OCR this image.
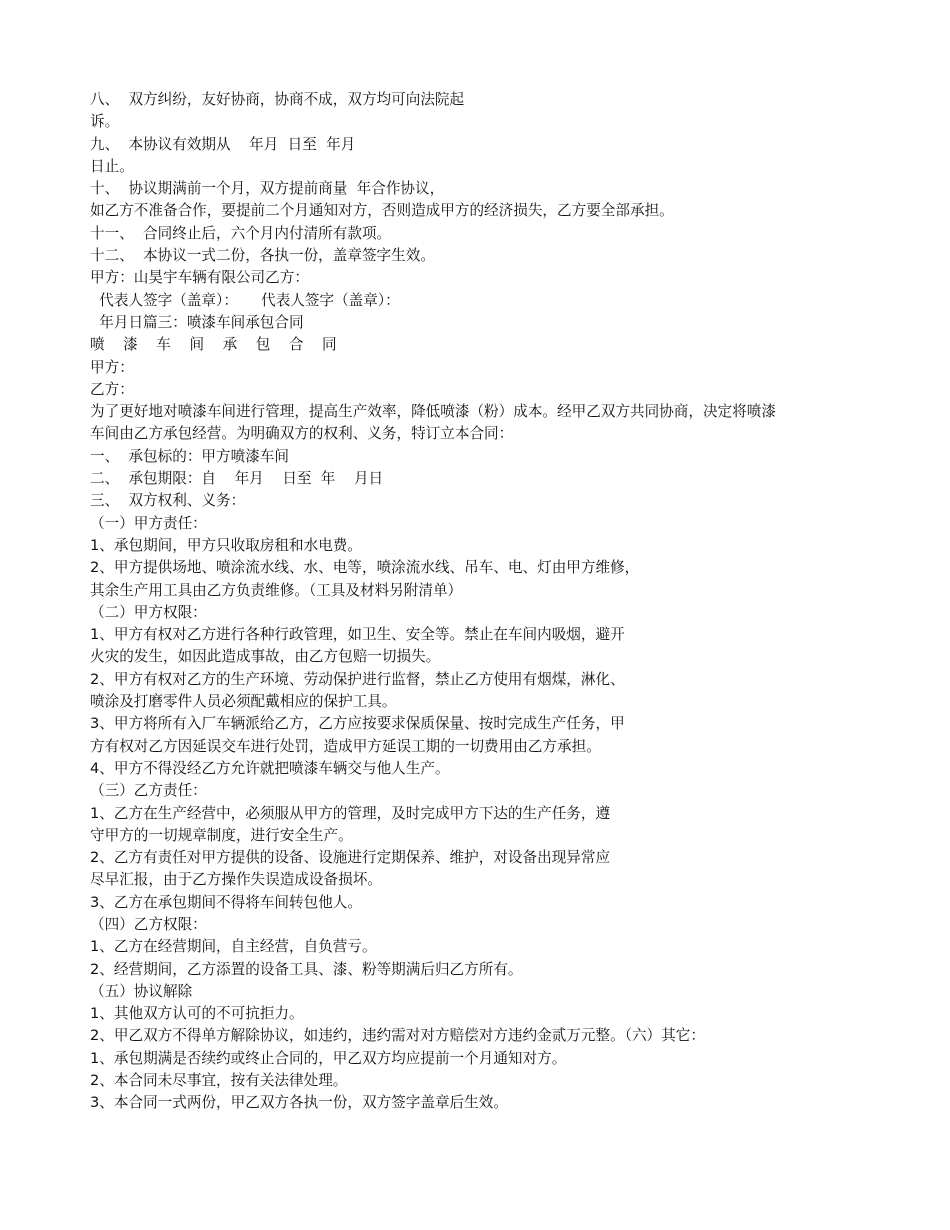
八、  双方纠纷，友好协商，协商不成，双方均可向法院起
诉。
九、  本协议有效期从    年月  日至  年月
日止。
十、  协议期满前一个月，双方提前商量  年合作协议，
如乙方不准备合作，要提前二个月通知对方，否则造成甲方的经济损失，乙方要全部承担。
十一、  合同终止后，六个月内付清所有款项。
十二、  本协议一式二份，各执一份，盖章签字生效。
甲方：山昊宇车辆有限公司乙方：
代表人签字（盖章）：     代表人签字（盖章）：
年月日篇三：喷漆车间承包合同
喷    漆    车    间    承    包    合    同
甲方：
乙方：
为了更好地对喷漆车间进行管理，提高生产效率，降低喷漆（粉）成本。经甲乙双方共同协商，决定将喷漆
车间由乙方承包经营。为明确双方的权利、义务，特订立本合同：
一、  承包标的：甲方喷漆车间
二、  承包期限：自    年月    日至  年    月日
三、  双方权利、义务：
（一）甲方责任：
1、承包期间，甲方只收取房租和水电费。
2、甲方提供场地、喷涂流水线、水、电等，喷涂流水线、吊车、电、灯由甲方维修，
其余生产用工具由乙方负责维修。（工具及材料另附清单）
（二）甲方权限：
1、甲方有权对乙方进行各种行政管理，如卫生、安全等。禁止在车间内吸烟，避开
火灾的发生，如因此造成事故，由乙方包赔一切损失。
2、甲方有权对乙方的生产环境、劳动保护进行监督，禁止乙方使用有烟煤，淋化、
喷涂及打磨零件人员必须配戴相应的保护工具。
3、甲方将所有入厂车辆派给乙方，乙方应按要求保质保量、按时完成生产任务，甲
方有权对乙方因延误交车进行处罚，造成甲方延误工期的一切费用由乙方承担。
4、甲方不得没经乙方允许就把喷漆车辆交与他人生产。
（三）乙方责任：
1、乙方在生产经营中，必须服从甲方的管理，及时完成甲方下达的生产任务，遵
守甲方的一切规章制度，进行安全生产。
2、乙方有责任对甲方提供的设备、设施进行定期保养、维护，对设备出现异常应
尽早汇报，由于乙方操作失误造成设备损坏。
3、乙方在承包期间不得将车间转包他人。
（四）乙方权限：
1、乙方在经营期间，自主经营，自负营亏。
2、经营期间，乙方添置的设备工具、漆、粉等期满后归乙方所有。
（五）协议解除
1、其他双方认可的不可抗拒力。
2、甲乙双方不得单方解除协议，如违约，违约需对对方赔偿对方违约金贰万元整。（六）其它：
1、承包期满是否续约或终止合同的，甲乙双方均应提前一个月通知对方。
2、本合同未尽事宜，按有关法律处理。
3、本合同一式两份，甲乙双方各执一份，双方签字盖章后生效。
